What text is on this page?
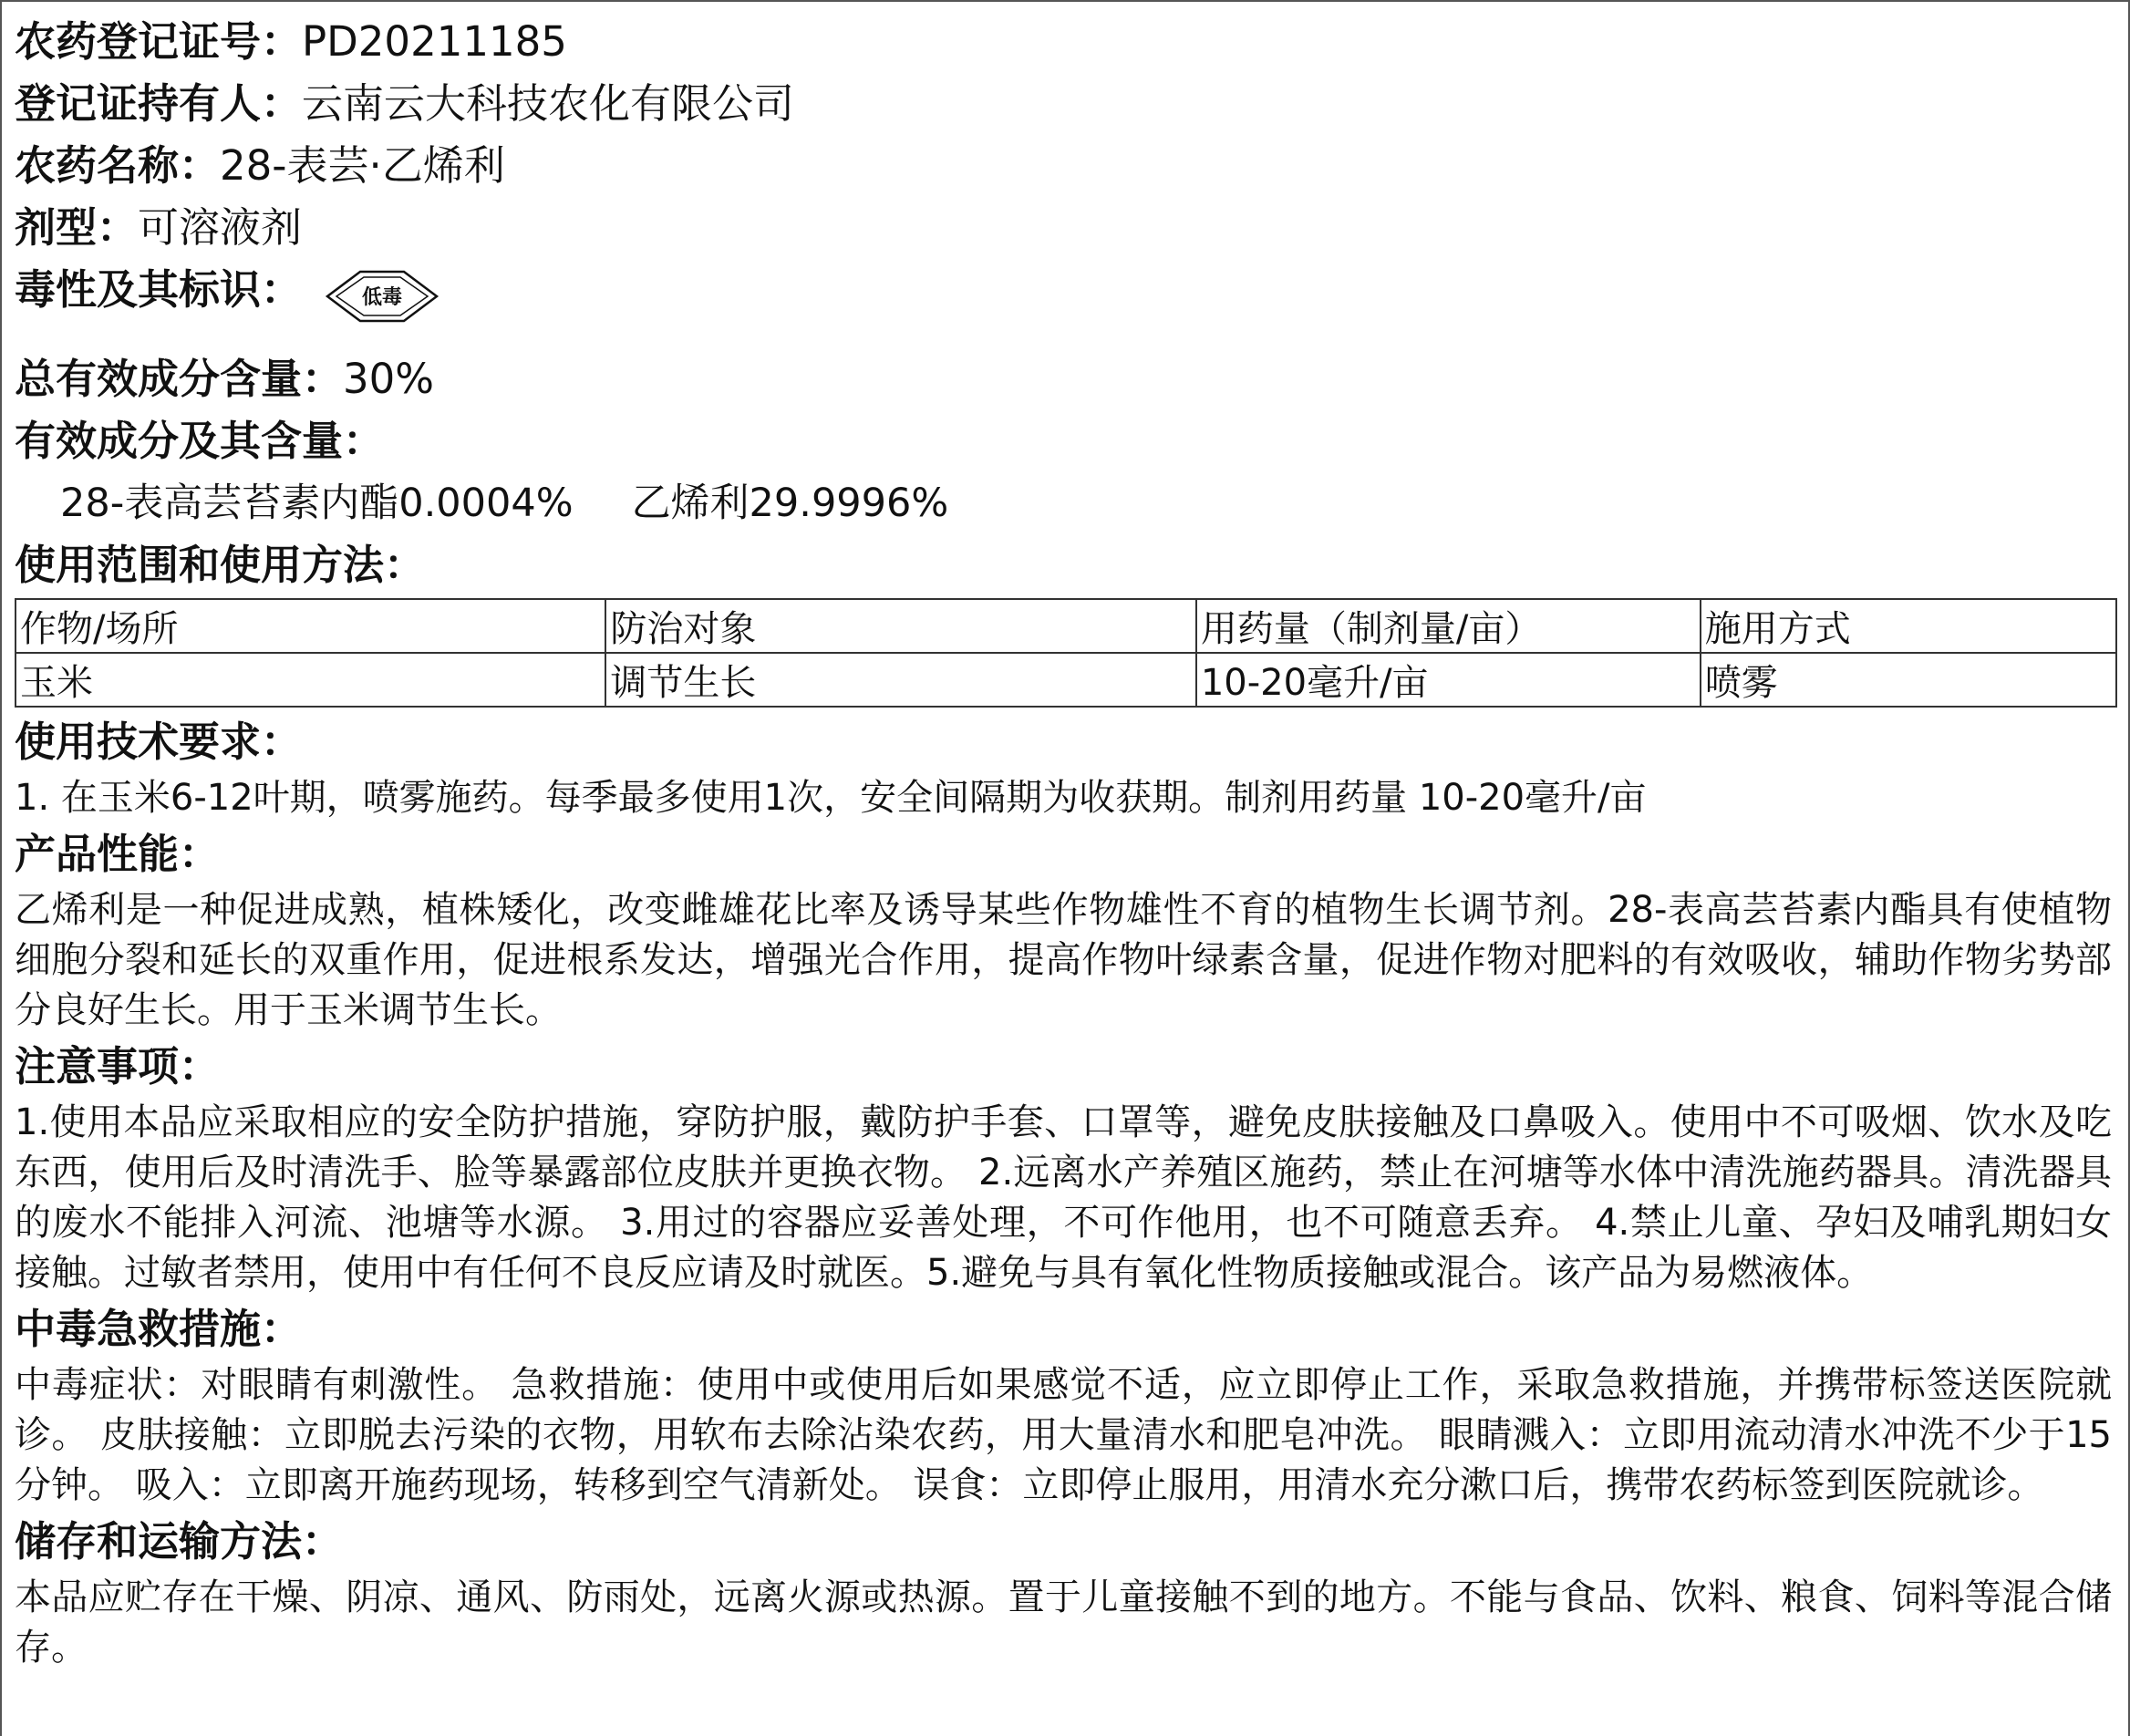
农药登记证号：PD20211185
登记证持有人：云南云大科技农化有限公司
农药名称：28-表芸·乙烯利
剂型：可溶液剂
毒性及其标识：	低毒
总有效成分含量：30%
有效成分及其含量：
28-表高芸苔素内酯0.0004% 乙烯利29.9996%
使用范围和使用方法：
作物/场所	防治对象	用药量（制剂量/亩）	施用方式
玉米	调节生长	10-20毫升/亩	喷雾
使用技术要求：

1. 在玉米6-12叶期，喷雾施药。每季最多使用1次，安全间隔期为收获期。制剂用药量 10-20毫升/亩

产品性能：

乙烯利是一种促进成熟，植株矮化，改变雌雄花比率及诱导某些作物雄性不育的植物生长调节剂。28-表高芸苔素内酯具有使植物细胞分裂和延长的双重作用，促进根系发达，增强光合作用，提高作物叶绿素含量，促进作物对肥料的有效吸收，辅助作物劣势部分良好生长。用于玉米调节生长。

注意事项：

1.使用本品应采取相应的安全防护措施，穿防护服，戴防护手套、口罩等，避免皮肤接触及口鼻吸入。使用中不可吸烟、饮水及吃东西，使用后及时清洗手、脸等暴露部位皮肤并更换衣物。 2.远离水产养殖区施药，禁止在河塘等水体中清洗施药器具。清洗器具的废水不能排入河流、池塘等水源。 3.用过的容器应妥善处理，不可作他用，也不可随意丢弃。 4.禁止儿童、孕妇及哺乳期妇女接触。过敏者禁用，使用中有任何不良反应请及时就医。5.避免与具有氧化性物质接触或混合。该产品为易燃液体。

中毒急救措施：

中毒症状：对眼睛有刺激性。 急救措施：使用中或使用后如果感觉不适，应立即停止工作，采取急救措施，并携带标签送医院就诊。 皮肤接触：立即脱去污染的衣物，用软布去除沾染农药，用大量清水和肥皂冲洗。 眼睛溅入：立即用流动清水冲洗不少于15分钟。 吸入：立即离开施药现场，转移到空气清新处。 误食：立即停止服用，用清水充分漱口后，携带农药标签到医院就诊。

储存和运输方法：

本品应贮存在干燥、阴凉、通风、防雨处，远离火源或热源。置于儿童接触不到的地方。不能与食品、饮料、粮食、饲料等混合储存。
